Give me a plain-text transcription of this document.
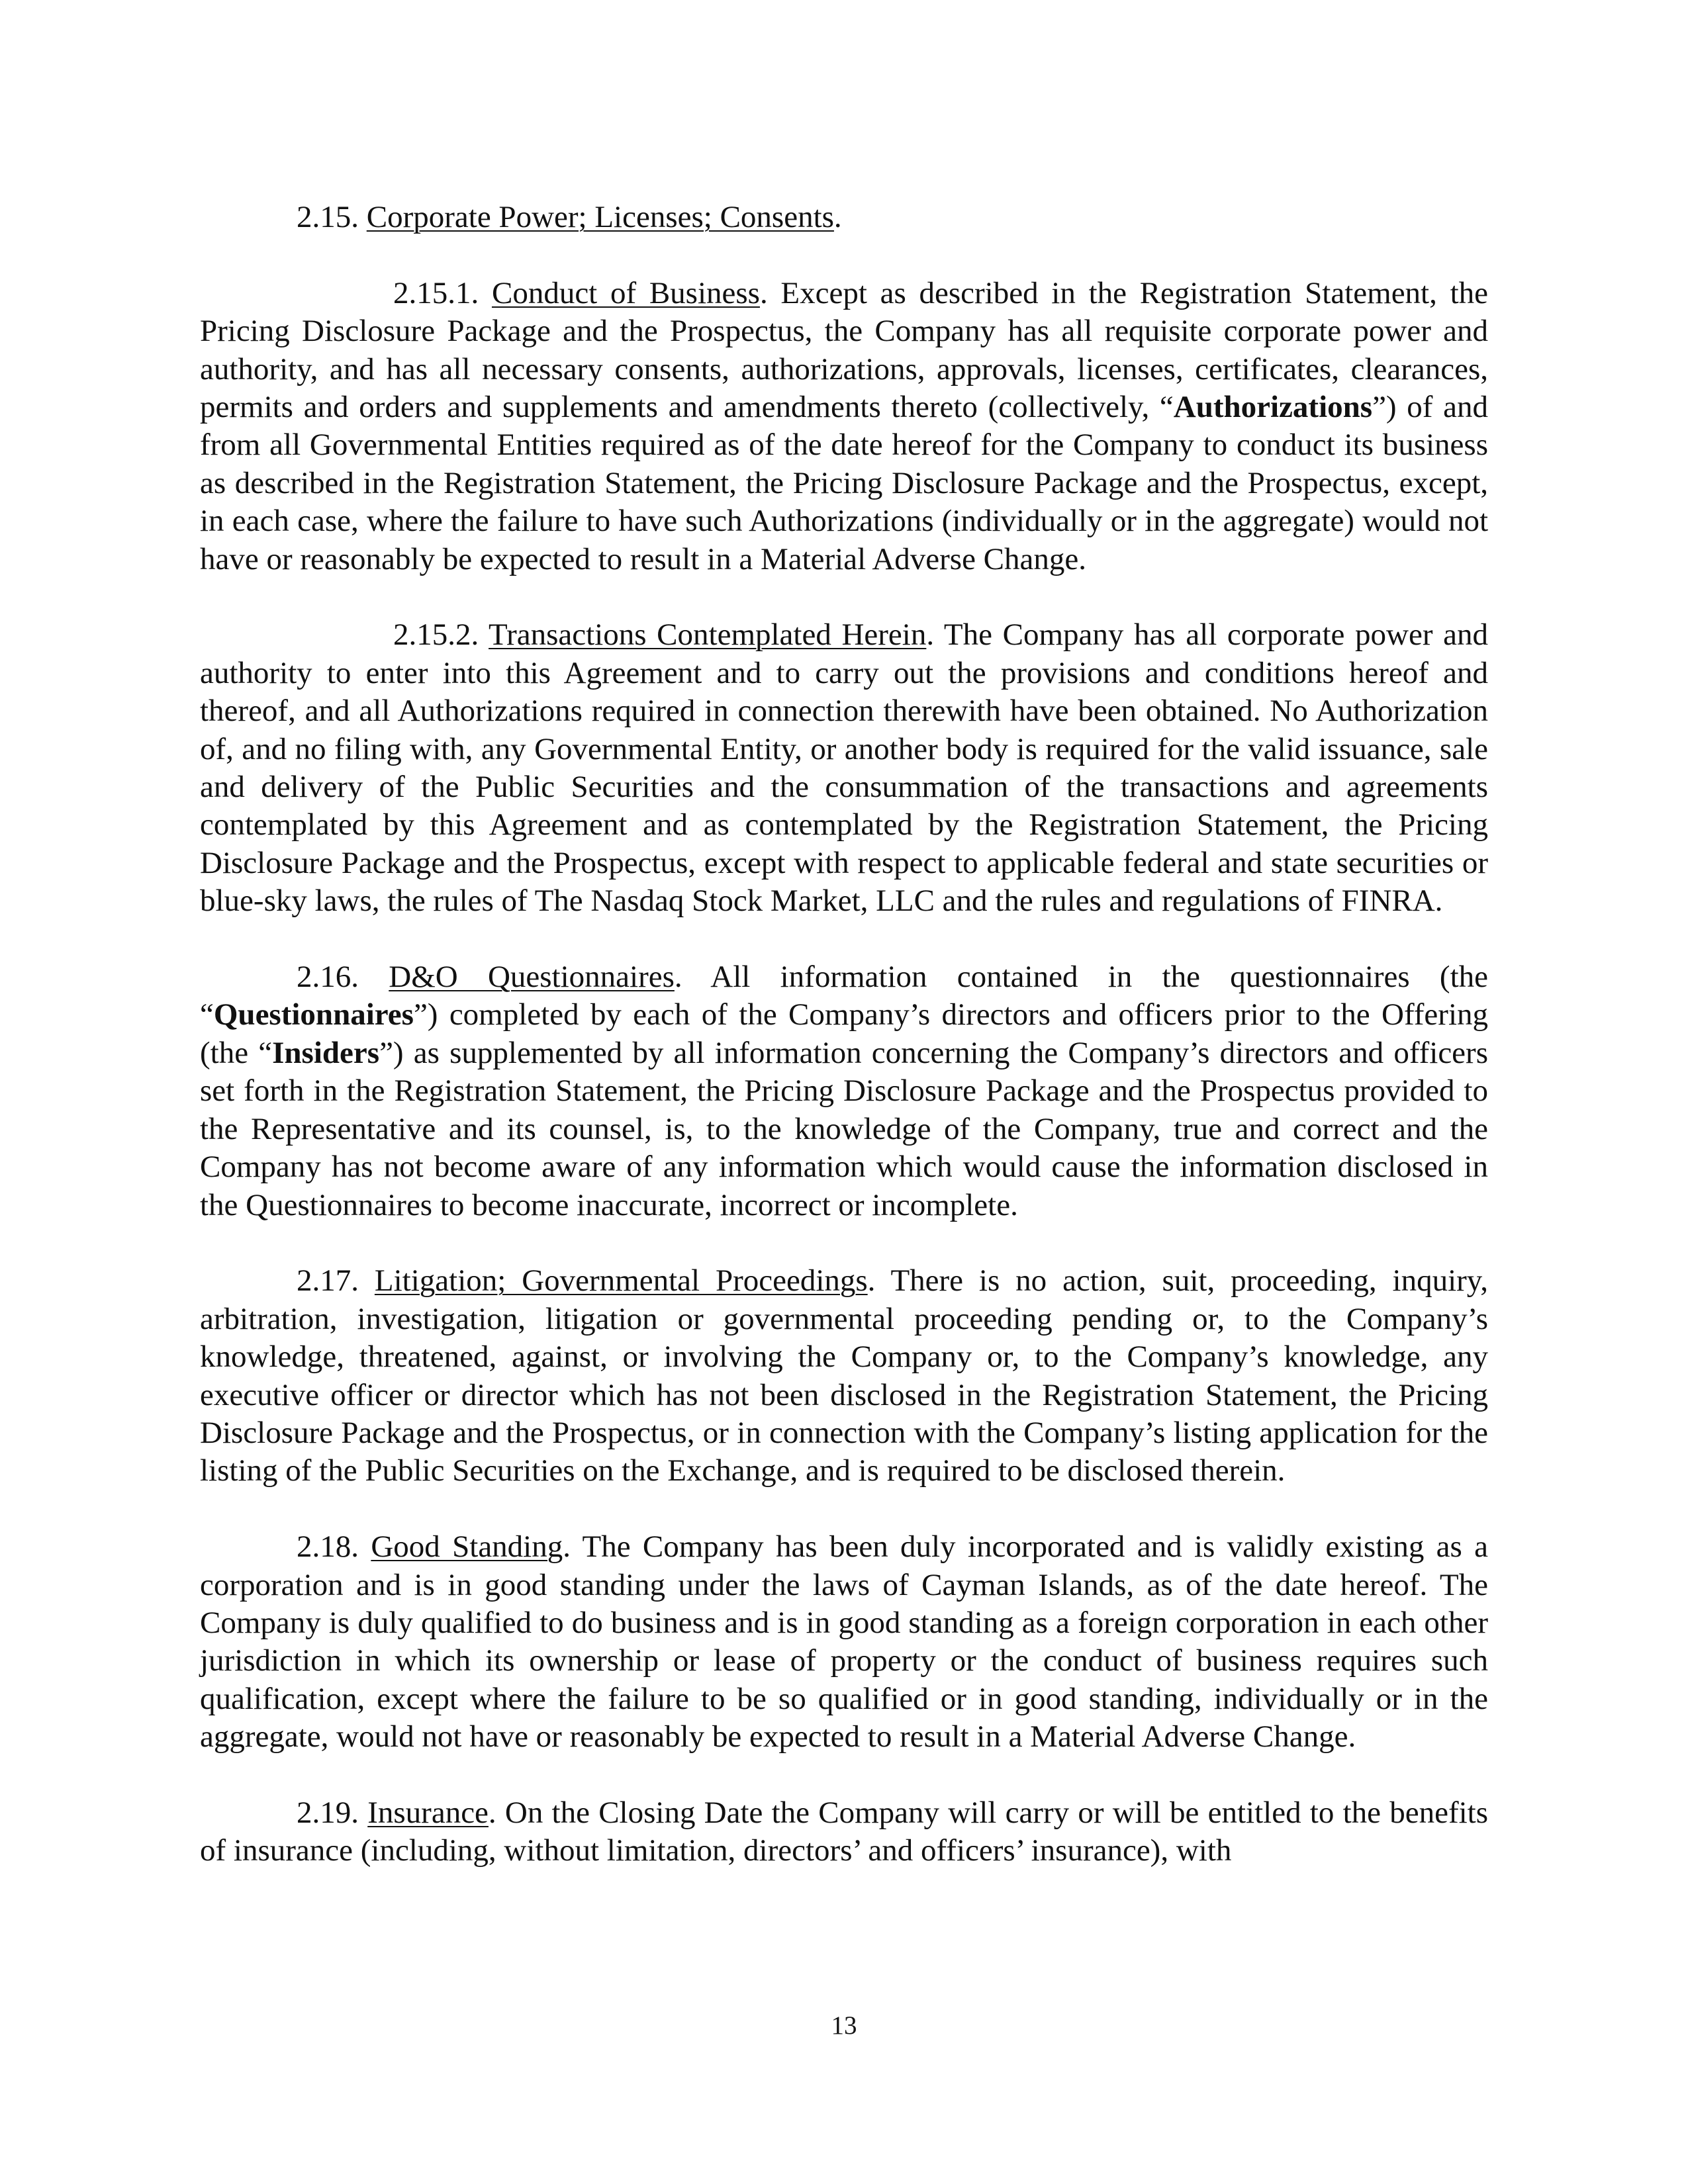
2.15. Corporate Power; Licenses; Consents.

2.15.1. Conduct of Business. Except as described in the Registration Statement, the Pricing Disclosure Package and the Prospectus, the Company has all requisite corporate power and authority, and has all necessary consents, authorizations, approvals, licenses, certificates, clearances, permits and orders and supplements and amendments thereto (collectively, “Authorizations”) of and from all Governmental Entities required as of the date hereof for the Company to conduct its business as described in the Registration Statement, the Pricing Disclosure Package and the Prospectus, except, in each case, where the failure to have such Authorizations (individually or in the aggregate) would not have or reasonably be expected to result in a Material Adverse Change.

2.15.2. Transactions Contemplated Herein. The Company has all corporate power and authority to enter into this Agreement and to carry out the provisions and conditions hereof and thereof, and all Authorizations required in connection therewith have been obtained. No Authorization of, and no filing with, any Governmental Entity, or another body is required for the valid issuance, sale and delivery of the Public Securities and the consummation of the transactions and agreements contemplated by this Agreement and as contemplated by the Registration Statement, the Pricing Disclosure Package and the Prospectus, except with respect to applicable federal and state securities or blue-sky laws, the rules of The Nasdaq Stock Market, LLC and the rules and regulations of FINRA.

2.16. D&O Questionnaires. All information contained in the questionnaires (the “Questionnaires”) completed by each of the Company’s directors and officers prior to the Offering (the “Insiders”) as supplemented by all information concerning the Company’s directors and officers set forth in the Registration Statement, the Pricing Disclosure Package and the Prospectus provided to the Representative and its counsel, is, to the knowledge of the Company, true and correct and the Company has not become aware of any information which would cause the information disclosed in the Questionnaires to become inaccurate, incorrect or incomplete.

2.17. Litigation; Governmental Proceedings. There is no action, suit, proceeding, inquiry, arbitration, investigation, litigation or governmental proceeding pending or, to the Company’s knowledge, threatened, against, or involving the Company or, to the Company’s knowledge, any executive officer or director which has not been disclosed in the Registration Statement, the Pricing Disclosure Package and the Prospectus, or in connection with the Company’s listing application for the listing of the Public Securities on the Exchange, and is required to be disclosed therein.

2.18. Good Standing. The Company has been duly incorporated and is validly existing as a corporation and is in good standing under the laws of Cayman Islands, as of the date hereof. The Company is duly qualified to do business and is in good standing as a foreign corporation in each other jurisdiction in which its ownership or lease of property or the conduct of business requires such qualification, except where the failure to be so qualified or in good standing, individually or in the aggregate, would not have or reasonably be expected to result in a Material Adverse Change.

2.19. Insurance. On the Closing Date the Company will carry or will be entitled to the benefits of insurance (including, without limitation, directors’ and officers’ insurance), with

13
